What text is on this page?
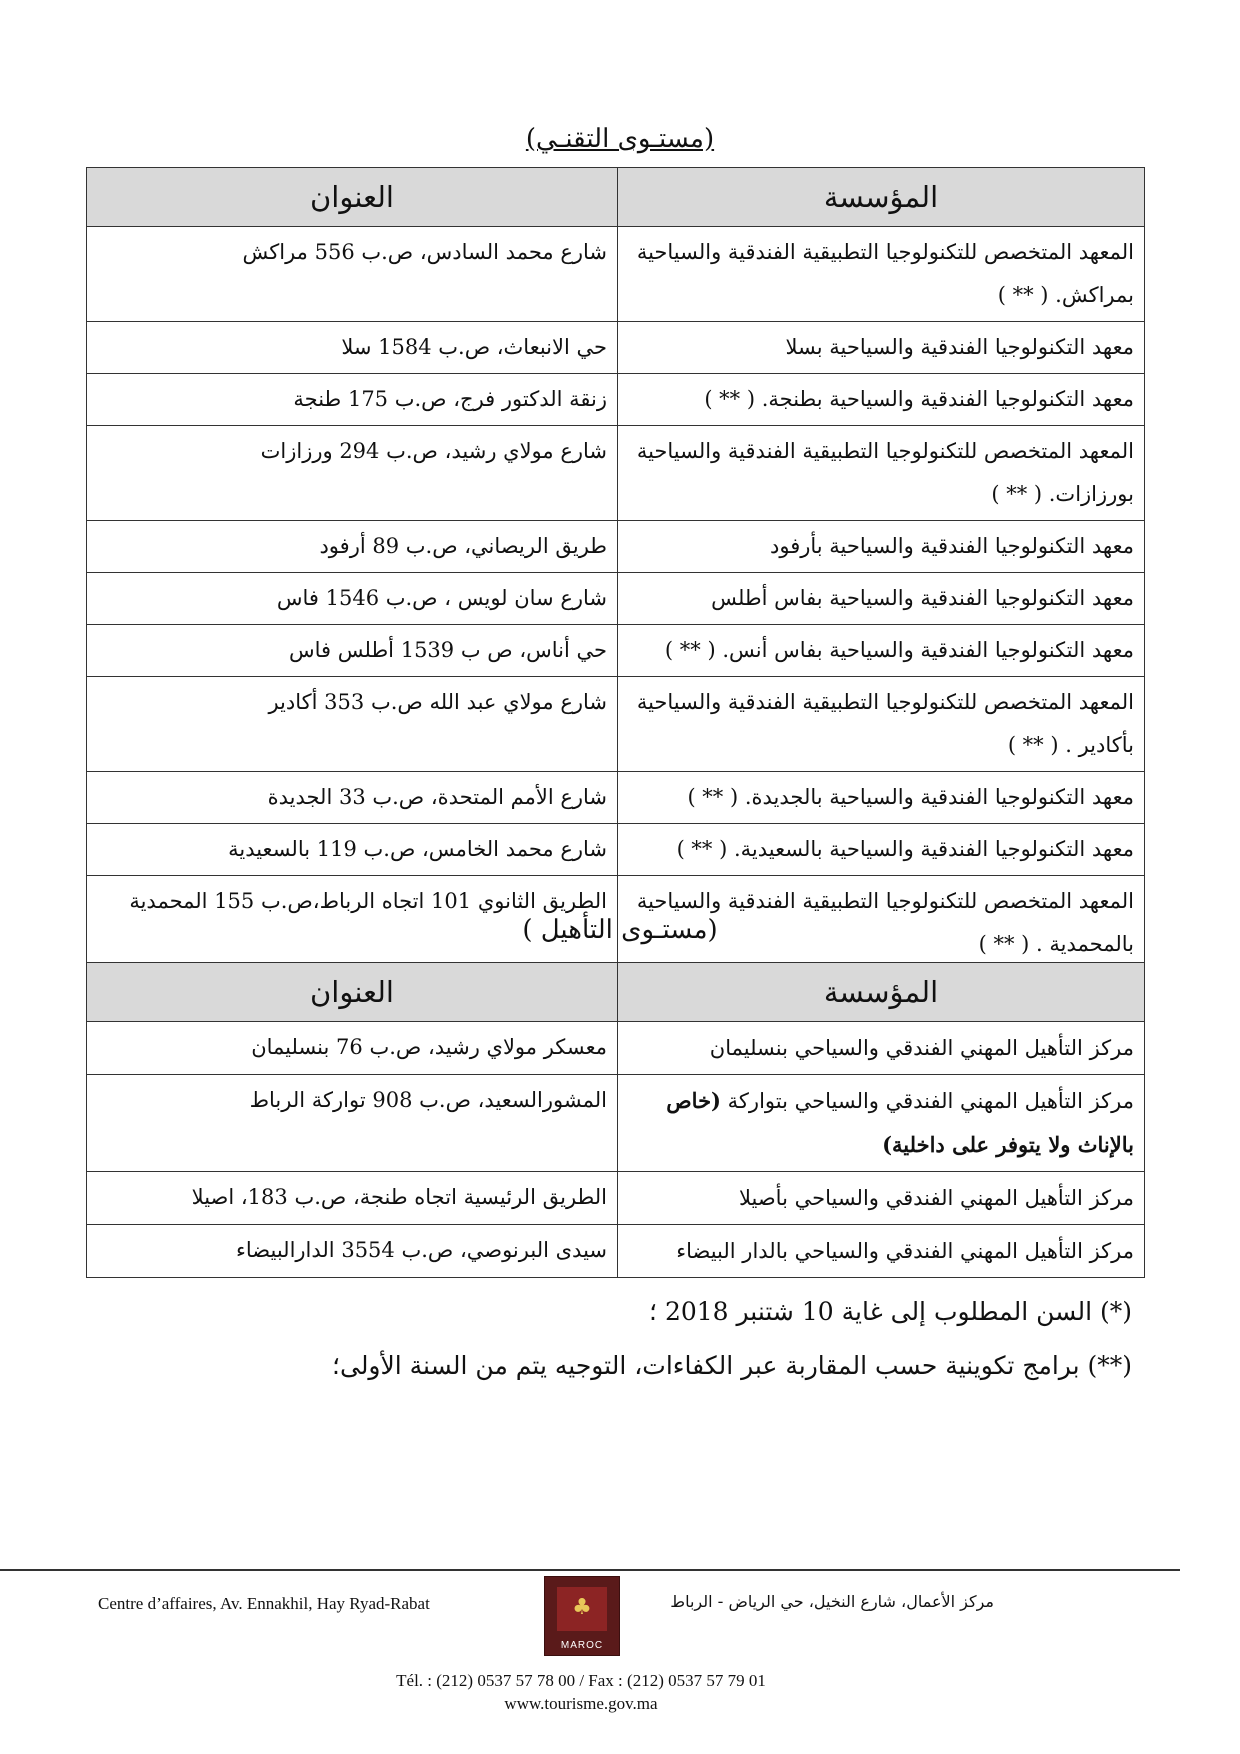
(مستـوى التقنـي)
المؤسسة	العنوان
المعهد المتخصص للتكنولوجيا التطبيقية الفندقية والسياحية بمراكش. ( ** )	شارع محمد السادس، ص.ب 556 مراكش
معهد التكنولوجيا الفندقية والسياحية بسلا	حي الانبعاث، ص.ب 1584 سلا
معهد التكنولوجيا الفندقية والسياحية بطنجة. ( ** )	زنقة الدكتور فرج، ص.ب 175 طنجة
المعهد المتخصص للتكنولوجيا التطبيقية الفندقية والسياحية بورزازات. ( ** )	شارع مولاي رشيد، ص.ب 294 ورزازات
معهد التكنولوجيا الفندقية والسياحية بأرفود	طريق الريصاني، ص.ب 89 أرفود
معهد التكنولوجيا الفندقية والسياحية بفاس أطلس	شارع سان لويس ، ص.ب 1546 فاس
معهد التكنولوجيا الفندقية والسياحية بفاس أنس. ( ** )	حي أناس، ص ب 1539 أطلس فاس
المعهد المتخصص للتكنولوجيا التطبيقية الفندقية والسياحية بأكادير . ( ** )	شارع مولاي عبد الله ص.ب 353 أكادير
معهد التكنولوجيا الفندقية والسياحية بالجديدة. ( ** )	شارع الأمم المتحدة، ص.ب 33 الجديدة
معهد التكنولوجيا الفندقية والسياحية بالسعيدية. ( ** )	شارع محمد الخامس، ص.ب 119 بالسعيدية
المعهد المتخصص للتكنولوجيا التطبيقية الفندقية والسياحية بالمحمدية . ( ** )	الطريق الثانوي 101 اتجاه الرباط،ص.ب 155 المحمدية
(مستـوى التأهيل )
المؤسسة	العنوان
مركز التأهيل المهني الفندقي والسياحي بنسليمان	معسكر مولاي رشيد، ص.ب 76 بنسليمان
مركز التأهيل المهني الفندقي والسياحي بتواركة (خاص بالإناث ولا يتوفر على داخلية)	المشورالسعيد، ص.ب 908 تواركة الرباط
مركز التأهيل المهني الفندقي والسياحي بأصيلا	الطريق الرئيسية اتجاه طنجة، ص.ب 183، اصيلا
مركز التأهيل المهني الفندقي والسياحي بالدار البيضاء	سيدى البرنوصي، ص.ب 3554 الدارالبيضاء
(*) السن المطلوب إلى غاية 10 شتنبر 2018 ؛
(**) برامج تكوينية حسب المقاربة عبر الكفاءات، التوجيه يتم من السنة الأولى؛
Centre d’affaires, Av. Ennakhil, Hay Ryad-Rabat	♣
MAROC
مركز الأعمال، شارع النخيل، حي الرياض - الرباط
Tél. : (212) 0537 57 78 00 / Fax : (212) 0537 57 79 01
www.tourisme.gov.ma
